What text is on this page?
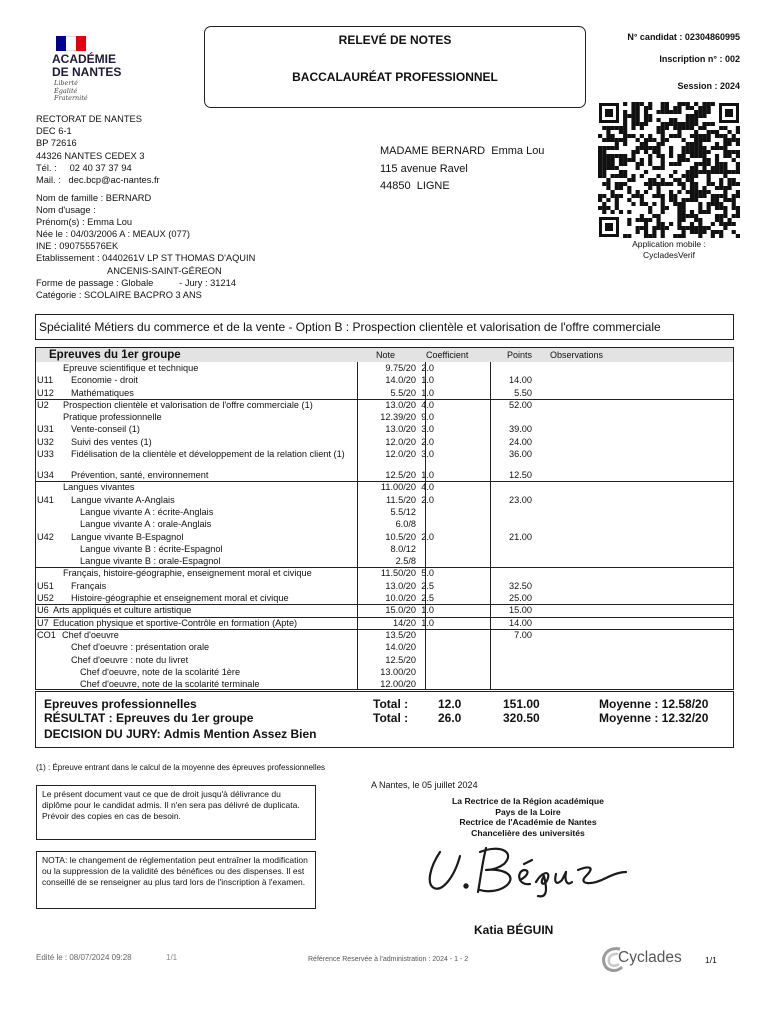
ACADÉMIE
DE NANTES
Liberté
Égalité
Fraternité
RELEVÉ DE NOTES
BACCALAURÉAT PROFESSIONNEL
N° candidat : 02304860995
Inscription n° : 002
Session : 2024
Application mobile :
CycladesVerif
RECTORAT DE NANTES
DEC 6-1
BP 72616
44326 NANTES CEDEX 3
Tél. :     02 40 37 37 94
Mail. :   dec.bcp@ac-nantes.fr
MADAME BERNARD  Emma Lou
115 avenue Ravel
44850  LIGNE
Nom de famille : BERNARD
Nom d'usage :
Prénom(s) : Emma Lou
Née le : 04/03/2006 A : MEAUX (077)
INE : 090755576EK
Etablissement : 0440261V LP ST THOMAS D'AQUIN
ANCENIS-SAINT-GÉREON
Forme de passage : Globale          - Jury : 31214
Catégorie : SCOLAIRE BACPRO 3 ANS
Spécialité Métiers du commerce et de la vente - Option B : Prospection clientèle et valorisation de l'offre commerciale
Epreuves du 1er groupe	Note	Coefficient	Points Observations
Epreuve scientifique et technique	9.75/20 2.0
U11 Economie - droit	14.0/20 1.0	14.00
U12 Mathématiques	5.5/20 1.0	5.50
U2 Prospection clientèle et valorisation de l'offre commerciale (1)	13.0/20 4.0	52.00
Pratique professionnelle	12.39/20 9.0
U31 Vente-conseil (1)	13.0/20 3.0	39.00
U32 Suivi des ventes (1)	12.0/20 2.0	24.00
U33 Fidélisation de la clientèle et développement de la relation client (1)	12.0/20 3.0	36.00
U34 Prévention, santé, environnement	12.5/20 1.0	12.50
Langues vivantes	11.00/20 4.0
U41 Langue vivante A-Anglais	11.5/20 2.0	23.00
Langue vivante A : écrite-Anglais	5.5/12
Langue vivante A : orale-Anglais	6.0/8
U42 Langue vivante B-Espagnol	10.5/20 2.0	21.00
Langue vivante B : écrite-Espagnol	8.0/12
Langue vivante B : orale-Espagnol	2.5/8
Français, histoire-géographie, enseignement moral et civique	11.50/20 5.0
U51 Français	13.0/20 2.5	32.50
U52 Histoire-géographie et enseignement moral et civique	10.0/20 2.5	25.00
U6 Arts appliqués et culture artistique	15.0/20 1.0	15.00
U7 Education physique et sportive-Contrôle en formation (Apte)	14/20 1.0	14.00
CO1 Chef d'oeuvre	13.5/20	7.00
Chef d'oeuvre : présentation orale	14.0/20
Chef d'oeuvre : note du livret	12.5/20
Chef d'oeuvre, note de la scolarité 1ère	13.00/20
Chef d'oeuvre, note de la scolarité terminale	12.00/20
Epreuves professionnelles	Total : 12.0	151.00	Moyenne : 12.58/20
RÉSULTAT : Epreuves du 1er groupe	Total : 26.0	320.50	Moyenne : 12.32/20
DECISION DU JURY: Admis Mention Assez Bien
(1) : Épreuve entrant dans le calcul de la moyenne des épreuves professionnelles
Le présent document vaut ce que de droit jusqu'à délivrance du diplôme pour le candidat admis. Il n'en sera pas délivré de duplicata. Prévoir des copies en cas de besoin.
NOTA: le changement de réglementation peut entraîner la modification ou la suppression de la validité des bénéfices ou des dispenses. Il est conseillé de se renseigner au plus tard lors de l'inscription à l'examen.
A Nantes, le 05 juillet 2024
La Rectrice de la Région académique
Pays de la Loire
Rectrice de l'Académie de Nantes
Chancelière des universités
Katia BÉGUIN
Edité le : 08/07/2024 09:28	1/1	Référence Reservée à l'administration : 2024 - 1 - 2	Cyclades	1/1
